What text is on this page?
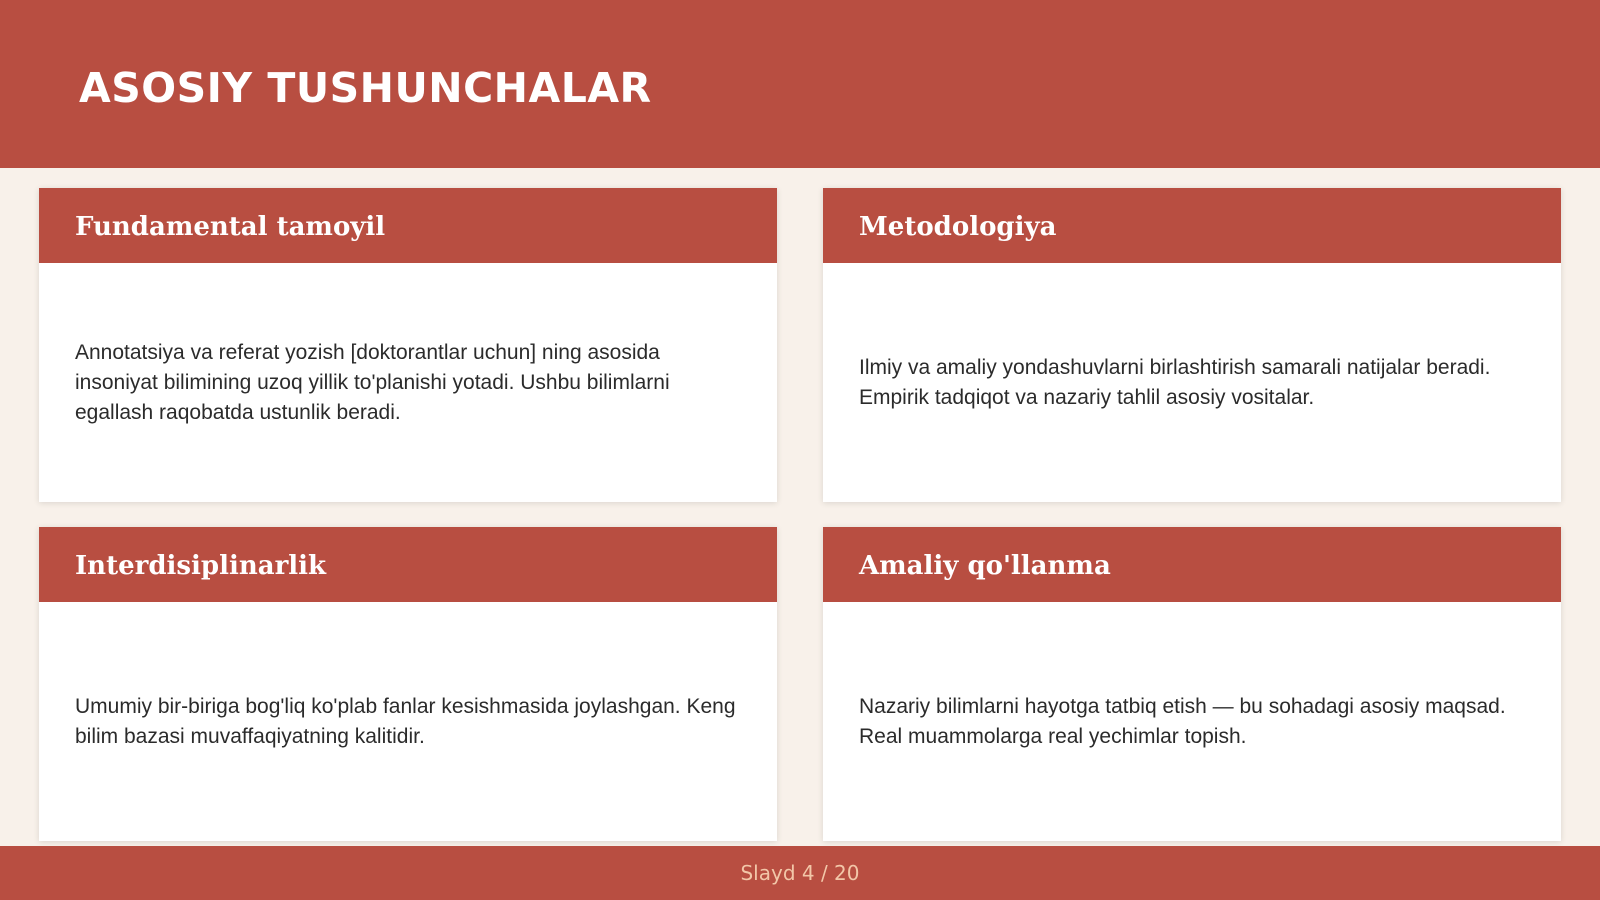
ASOSIY TUSHUNCHALAR
Fundamental tamoyil

Annotatsiya va referat yozish [doktorantlar uchun] ning asosida insoniyat bilimining uzoq yillik to'planishi yotadi. Ushbu bilimlarni egallash raqobatda ustunlik beradi.

Metodologiya

Ilmiy va amaliy yondashuvlarni birlashtirish samarali natijalar beradi. Empirik tadqiqot va nazariy tahlil asosiy vositalar.

Interdisiplinarlik

Umumiy bir-biriga bog'liq ko'plab fanlar kesishmasida joylashgan. Keng bilim bazasi muvaffaqiyatning kalitidir.

Amaliy qo'llanma

Nazariy bilimlarni hayotga tatbiq etish — bu sohadagi asosiy maqsad. Real muammolarga real yechimlar topish.

Slayd 4 / 20
